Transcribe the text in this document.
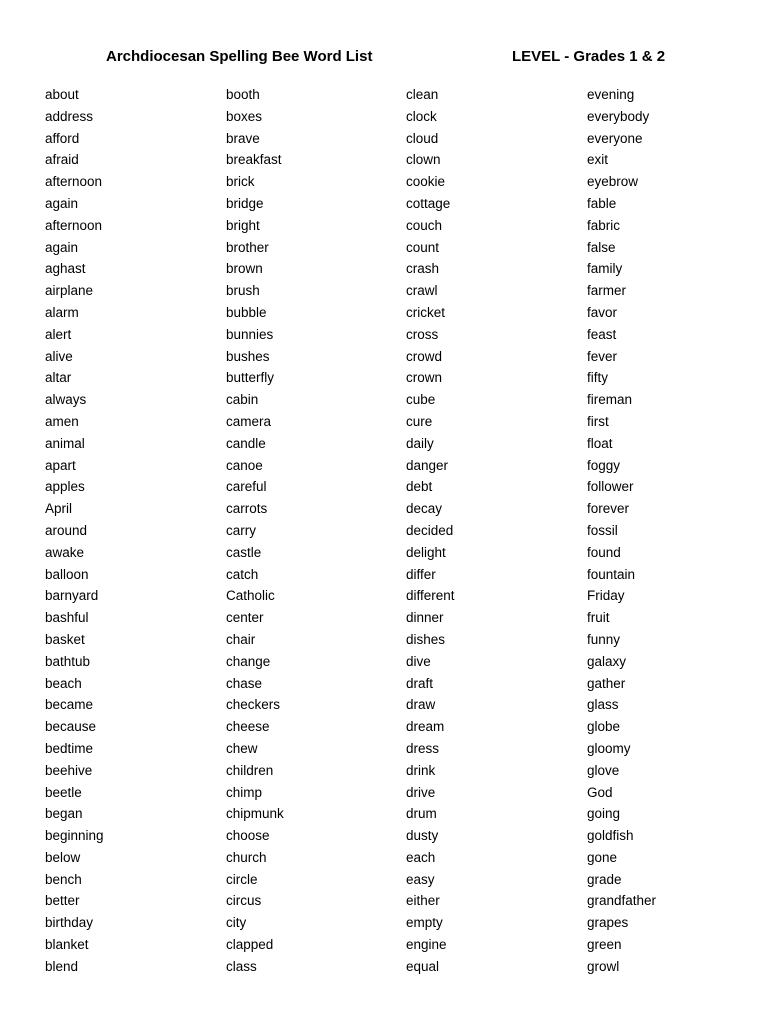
Archdiocesan Spelling Bee Word List	LEVEL - Grades 1 & 2
about
address
afford
afraid
afternoon
again
afternoon
again
aghast
airplane
alarm
alert
alive
altar
always
amen
animal
apart
apples
April
around
awake
balloon
barnyard
bashful
basket
bathtub
beach
became
because
bedtime
beehive
beetle
began
beginning
below
bench
better
birthday
blanket
blend
booth
boxes
brave
breakfast
brick
bridge
bright
brother
brown
brush
bubble
bunnies
bushes
butterfly
cabin
camera
candle
canoe
careful
carrots
carry
castle
catch
Catholic
center
chair
change
chase
checkers
cheese
chew
children
chimp
chipmunk
choose
church
circle
circus
city
clapped
class
clean
clock
cloud
clown
cookie
cottage
couch
count
crash
crawl
cricket
cross
crowd
crown
cube
cure
daily
danger
debt
decay
decided
delight
differ
different
dinner
dishes
dive
draft
draw
dream
dress
drink
drive
drum
dusty
each
easy
either
empty
engine
equal
evening
everybody
everyone
exit
eyebrow
fable
fabric
false
family
farmer
favor
feast
fever
fifty
fireman
first
float
foggy
follower
forever
fossil
found
fountain
Friday
fruit
funny
galaxy
gather
glass
globe
gloomy
glove
God
going
goldfish
gone
grade
grandfather
grapes
green
growl
